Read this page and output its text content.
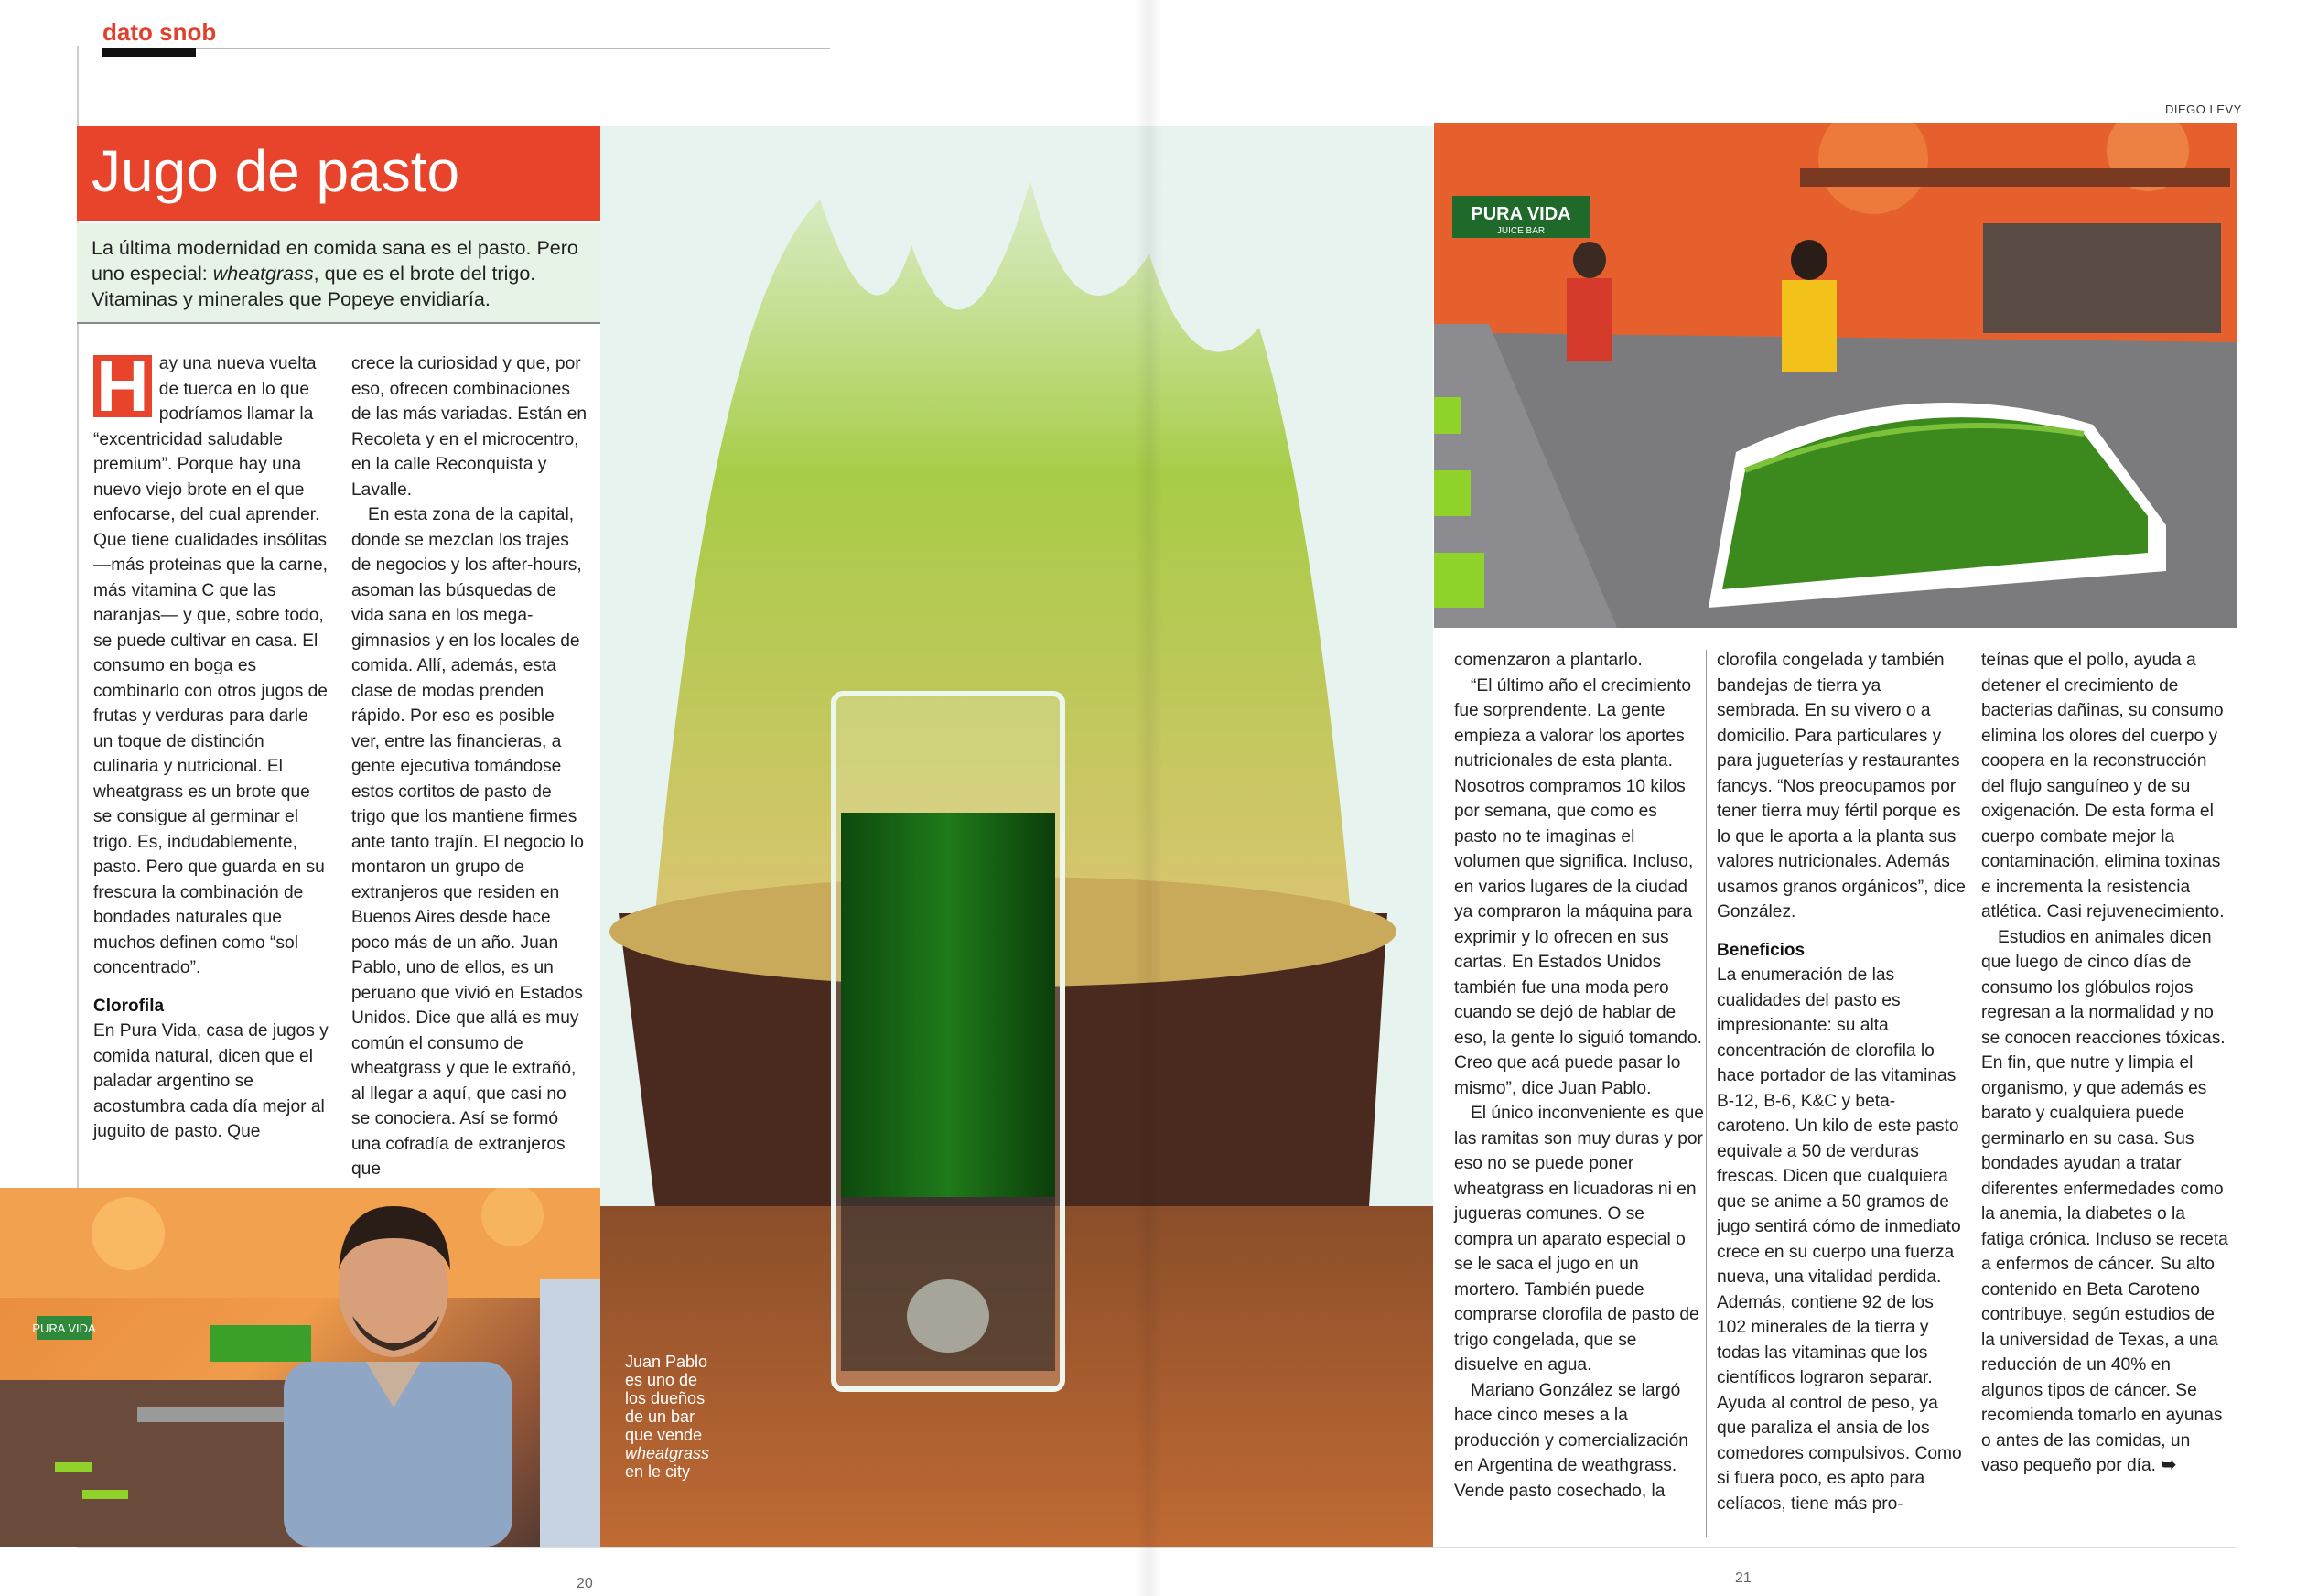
dato snob
DIEGO LEVY
Jugo de pasto
La última modernidad en comida sana es el pasto. Pero uno especial: wheatgrass, que es el brote del trigo. Vitaminas y minerales que Popeye envidiaría.
H ay una nueva vuelta de tuerca en lo que podríamos llamar la “excentricidad saludable premium”. Porque hay una nuevo viejo brote en el que enfocarse, del cual aprender. Que tiene cualidades insólitas —más proteinas que la carne, más vitamina C que las naranjas— y que, sobre todo, se puede cultivar en casa. El consumo en boga es combinarlo con otros jugos de frutas y verduras para darle un toque de distinción culinaria y nutricional. El wheatgrass es un brote que se consigue al germinar el trigo. Es, indudablemente, pasto. Pero que guarda en su frescura la combinación de bondades naturales que muchos definen como “sol concentrado”.

Clorofila

En Pura Vida, casa de jugos y comida natural, dicen que el paladar argentino se acostumbra cada día mejor al juguito de pasto. Que

crece la curiosidad y que, por eso, ofrecen combinaciones de las más variadas. Están en Recoleta y en el microcentro, en la calle Reconquista y Lavalle.

En esta zona de la capital, donde se mezclan los trajes de negocios y los after-hours, asoman las búsquedas de vida sana en los mega-gimnasios y en los locales de comida. Allí, además, esta clase de modas prenden rápido. Por eso es posible ver, entre las financieras, a gente ejecutiva tomándose estos cortitos de pasto de trigo que los mantiene firmes ante tanto trajín. El negocio lo montaron un grupo de extranjeros que residen en Buenos Aires desde hace poco más de un año. Juan Pablo, uno de ellos, es un peruano que vivió en Estados Unidos. Dice que allá es muy común el consumo de wheatgrass y que le extrañó, al llegar a aquí, que casi no se conociera. Así se formó una cofradía de extranjeros que

PURA VIDA
Juan Pablo es uno de los dueños de un bar que vende wheatgrass en le city
PURA VIDA
JUICE BAR

comenzaron a plantarlo.

“El último año el crecimiento fue sorprendente. La gente empieza a valorar los aportes nutricionales de esta planta. Nosotros compramos 10 kilos por semana, que como es pasto no te imaginas el volumen que significa. Incluso, en varios lugares de la ciudad ya compraron la máquina para exprimir y lo ofrecen en sus cartas. En Estados Unidos también fue una moda pero cuando se dejó de hablar de eso, la gente lo siguió tomando. Creo que acá puede pasar lo mismo”, dice Juan Pablo.

El único inconveniente es que las ramitas son muy duras y por eso no se puede poner wheatgrass en licuadoras ni en jugueras comunes. O se compra un aparato especial o se le saca el jugo en un mortero. También puede comprarse clorofila de pasto de trigo congelada, que se disuelve en agua.

Mariano González se largó hace cinco meses a la producción y comercialización en Argentina de weathgrass. Vende pasto cosechado, la

clorofila congelada y también bandejas de tierra ya sembrada. En su vivero o a domicilio. Para particulares y para jugueterías y restaurantes fancys. “Nos preocupamos por tener tierra muy fértil porque es lo que le aporta a la planta sus valores nutricionales. Además usamos granos orgánicos”, dice González.

Beneficios

La enumeración de las cualidades del pasto es impresionante: su alta concentración de clorofila lo hace portador de las vitaminas B-12, B-6, K&C y beta-caroteno. Un kilo de este pasto equivale a 50 de verduras frescas. Dicen que cualquiera que se anime a 50 gramos de jugo sentirá cómo de inmediato crece en su cuerpo una fuerza nueva, una vitalidad perdida. Además, contiene 92 de los 102 minerales de la tierra y todas las vitaminas que los científicos lograron separar. Ayuda al control de peso, ya que paraliza el ansia de los comedores compulsivos. Como si fuera poco, es apto para celíacos, tiene más pro-

teínas que el pollo, ayuda a detener el crecimiento de bacterias dañinas, su consumo elimina los olores del cuerpo y coopera en la reconstrucción del flujo sanguíneo y de su oxigenación. De esta forma el cuerpo combate mejor la contaminación, elimina toxinas e incrementa la resistencia atlética. Casi rejuvenecimiento.

Estudios en animales dicen que luego de cinco días de consumo los glóbulos rojos regresan a la normalidad y no se conocen reacciones tóxicas. En fin, que nutre y limpia el organismo, y que además es barato y cualquiera puede germinarlo en su casa. Sus bondades ayudan a tratar diferentes enfermedades como la anemia, la diabetes o la fatiga crónica. Incluso se receta a enfermos de cáncer. Su alto contenido en Beta Caroteno contribuye, según estudios de la universidad de Texas, a una reducción de un 40% en algunos tipos de cáncer. Se recomienda tomarlo en ayunas o antes de las comidas, un vaso pequeño por día. ➥

20	21
